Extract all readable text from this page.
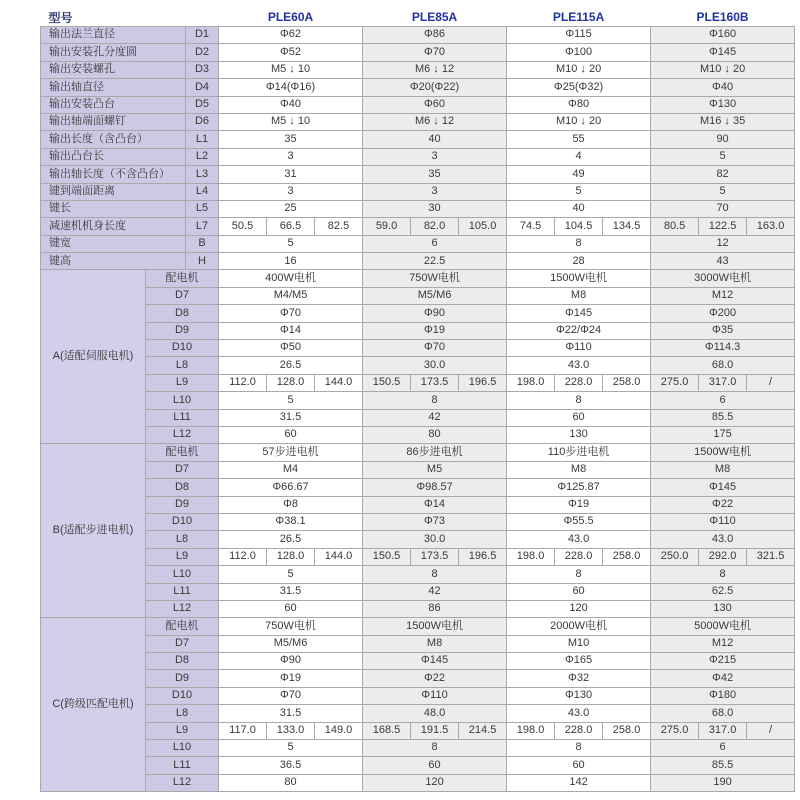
型号			PLE60A			PLE85A			PLE115A			PLE160B		
输出法兰直径		D1	Φ62			Φ86			Φ115			Φ160		
输出安装孔分度圆		D2	Φ52			Φ70			Φ100			Φ145		
输出安装螺孔		D3	M5 ↓ 10			M6 ↓ 12			M10 ↓ 20			M10 ↓ 20		
输出轴直径		D4	Φ14(Φ16)			Φ20(Φ22)			Φ25(Φ32)			Φ40		
输出安装凸台		D5	Φ40			Φ60			Φ80			Φ130		
输出轴端面螺钉		D6	M5 ↓ 10			M6 ↓ 12			M10 ↓ 20			M16 ↓ 35		
输出长度（含凸台）		L1	35			40			55			90		
输出凸台长		L2	3			3			4			5		
输出轴长度（不含凸台）		L3	31			35			49			82		
键到端面距离		L4	3			3			5			5		
键长		L5	25			30			40			70		
减速机机身长度		L7	50.5	66.5	82.5	59.0	82.0	105.0	74.5	104.5	134.5	80.5	122.5	163.0
键宽		B	5			6			8			12		
键高		H	16			22.5			28			43		
A(适配伺服电机)	配电机		400W电机			750W电机			1500W电机			3000W电机		
	D7		M4/M5			M5/M6			M8			M12		
	D8		Φ70			Φ90			Φ145			Φ200		
	D9		Φ14			Φ19			Φ22/Φ24			Φ35		
	D10		Φ50			Φ70			Φ110			Φ114.3		
	L8		26.5			30.0			43.0			68.0		
	L9		112.0	128.0	144.0	150.5	173.5	196.5	198.0	228.0	258.0	275.0	317.0	/
	L10		5			8			8			6		
	L11		31.5			42			60			85.5		
	L12		60			80			130			175		
B(适配步进电机)	配电机		57步进电机			86步进电机			110步进电机			1500W电机		
	D7		M4			M5			M8			M8		
	D8		Φ66.67			Φ98.57			Φ125.87			Φ145		
	D9		Φ8			Φ14			Φ19			Φ22		
	D10		Φ38.1			Φ73			Φ55.5			Φ110		
	L8		26.5			30.0			43.0			43.0		
	L9		112.0	128.0	144.0	150.5	173.5	196.5	198.0	228.0	258.0	250.0	292.0	321.5
	L10		5			8			8			8		
	L11		31.5			42			60			62.5		
	L12		60			86			120			130		
C(跨级匹配电机)	配电机		750W电机			1500W电机			2000W电机			5000W电机		
	D7		M5/M6			M8			M10			M12		
	D8		Φ90			Φ145			Φ165			Φ215		
	D9		Φ19			Φ22			Φ32			Φ42		
	D10		Φ70			Φ110			Φ130			Φ180		
	L8		31.5			48.0			43.0			68.0		
	L9		117.0	133.0	149.0	168.5	191.5	214.5	198.0	228.0	258.0	275.0	317.0	/
	L10		5			8			8			6		
	L11		36.5			60			60			85.5		
	L12		80			120			142			190		
